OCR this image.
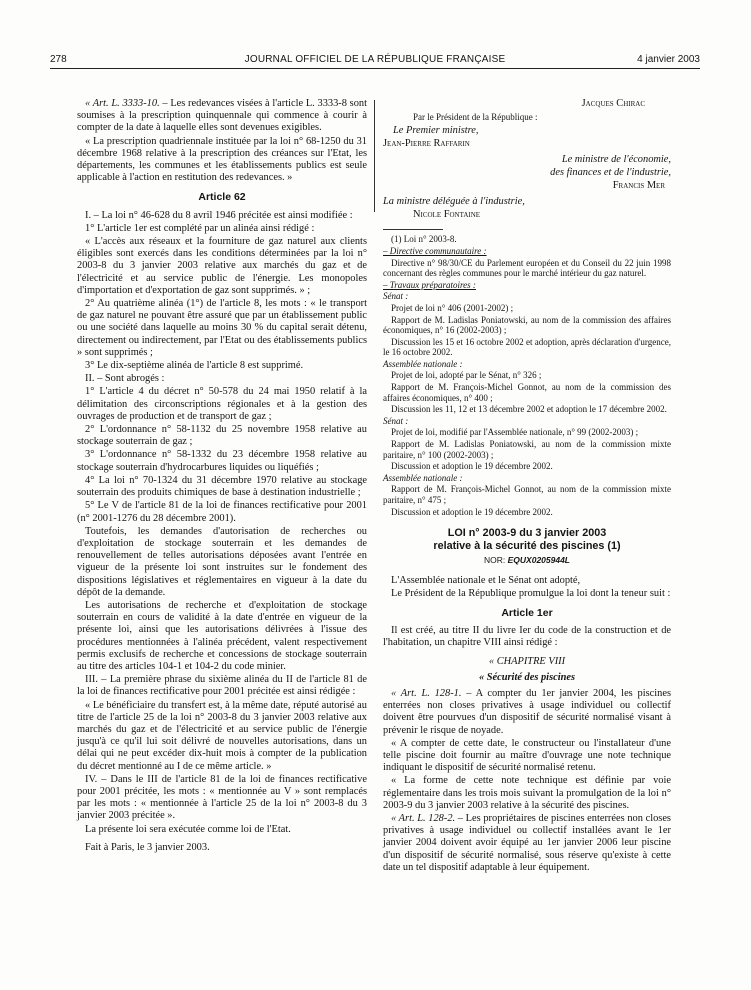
278	JOURNAL OFFICIEL DE LA RÉPUBLIQUE FRANÇAISE	4 janvier 2003

« Art. L. 3333-10. – Les redevances visées à l'article L. 3333-8 sont soumises à la prescription quinquennale qui commence à courir à compter de la date à laquelle elles sont devenues exigibles.

« La prescription quadriennale instituée par la loi n° 68-1250 du 31 décembre 1968 relative à la prescription des créances sur l'Etat, les départements, les communes et les établissements publics est seule applicable à l'action en restitution des redevances. »

Article 62

I. – La loi n° 46-628 du 8 avril 1946 précitée est ainsi modifiée :

1° L'article 1er est complété par un alinéa ainsi rédigé :

« L'accès aux réseaux et la fourniture de gaz naturel aux clients éligibles sont exercés dans les conditions déterminées par la loi n° 2003-8 du 3 janvier 2003 relative aux marchés du gaz et de l'électricité et au service public de l'énergie. Les monopoles d'importation et d'exportation de gaz sont supprimés. » ;

2° Au quatrième alinéa (1°) de l'article 8, les mots : « le transport de gaz naturel ne pouvant être assuré que par un établissement public ou une société dans laquelle au moins 30 % du capital serait détenu, directement ou indirectement, par l'Etat ou des établissements publics » sont supprimés ;

3° Le dix-septième alinéa de l'article 8 est supprimé.

II. – Sont abrogés :

1° L'article 4 du décret n° 50-578 du 24 mai 1950 relatif à la délimitation des circonscriptions régionales et à la gestion des ouvrages de production et de transport de gaz ;

2° L'ordonnance n° 58-1132 du 25 novembre 1958 relative au stockage souterrain de gaz ;

3° L'ordonnance n° 58-1332 du 23 décembre 1958 relative au stockage souterrain d'hydrocarbures liquides ou liquéfiés ;

4° La loi n° 70-1324 du 31 décembre 1970 relative au stockage souterrain des produits chimiques de base à destination industrielle ;

5° Le V de l'article 81 de la loi de finances rectificative pour 2001 (n° 2001-1276 du 28 décembre 2001).

Toutefois, les demandes d'autorisation de recherches ou d'exploitation de stockage souterrain et les demandes de renouvellement de telles autorisations déposées avant l'entrée en vigueur de la présente loi sont instruites sur le fondement des dispositions législatives et réglementaires en vigueur à la date du dépôt de la demande.

Les autorisations de recherche et d'exploitation de stockage souterrain en cours de validité à la date d'entrée en vigueur de la présente loi, ainsi que les autorisations délivrées à l'issue des procédures mentionnées à l'alinéa précédent, valent respectivement permis exclusifs de recherche et concessions de stockage souterrain au titre des articles 104-1 et 104-2 du code minier.

III. – La première phrase du sixième alinéa du II de l'article 81 de la loi de finances rectificative pour 2001 précitée est ainsi rédigée :

« Le bénéficiaire du transfert est, à la même date, réputé autorisé au titre de l'article 25 de la loi n° 2003-8 du 3 janvier 2003 relative aux marchés du gaz et de l'électricité et au service public de l'énergie jusqu'à ce qu'il lui soit délivré de nouvelles autorisations, dans un délai qui ne peut excéder dix-huit mois à compter de la publication du décret mentionné au I de ce même article. »

IV. – Dans le III de l'article 81 de la loi de finances rectificative pour 2001 précitée, les mots : « mentionnée au V » sont remplacés par les mots : « mentionnée à l'article 25 de la loi n° 2003-8 du 3 janvier 2003 précitée ».

La présente loi sera exécutée comme loi de l'Etat.

Fait à Paris, le 3 janvier 2003.

Jacques Chirac
Par le Président de la République :
Le Premier ministre,
Jean-Pierre Raffarin
Le ministre de l'économie,
des finances et de l'industrie,
Francis Mer
La ministre déléguée à l'industrie,
Nicole Fontaine

(1) Loi n° 2003-8.

– Directive communautaire :

Directive n° 98/30/CE du Parlement européen et du Conseil du 22 juin 1998 concernant des règles communes pour le marché intérieur du gaz naturel.

– Travaux préparatoires :

Sénat :

Projet de loi n° 406 (2001-2002) ;

Rapport de M. Ladislas Poniatowski, au nom de la commission des affaires économiques, n° 16 (2002-2003) ;

Discussion les 15 et 16 octobre 2002 et adoption, après déclaration d'urgence, le 16 octobre 2002.

Assemblée nationale :

Projet de loi, adopté par le Sénat, n° 326 ;

Rapport de M. François-Michel Gonnot, au nom de la commission des affaires économiques, n° 400 ;

Discussion les 11, 12 et 13 décembre 2002 et adoption le 17 décembre 2002.

Sénat :

Projet de loi, modifié par l'Assemblée nationale, n° 99 (2002-2003) ;

Rapport de M. Ladislas Poniatowski, au nom de la commission mixte paritaire, n° 100 (2002-2003) ;

Discussion et adoption le 19 décembre 2002.

Assemblée nationale :

Rapport de M. François-Michel Gonnot, au nom de la commission mixte paritaire, n° 475 ;

Discussion et adoption le 19 décembre 2002.

LOI n° 2003-9 du 3 janvier 2003
relative à la sécurité des piscines (1)
NOR: EQUX0205944L

L'Assemblée nationale et le Sénat ont adopté,

Le Président de la République promulgue la loi dont la teneur suit :

Article 1er

Il est créé, au titre II du livre Ier du code de la construction et de l'habitation, un chapitre VIII ainsi rédigé :

« CHAPITRE VIII
« Sécurité des piscines

« Art. L. 128-1. – A compter du 1er janvier 2004, les piscines enterrées non closes privatives à usage individuel ou collectif doivent être pourvues d'un dispositif de sécurité normalisé visant à prévenir le risque de noyade.

« A compter de cette date, le constructeur ou l'installateur d'une telle piscine doit fournir au maître d'ouvrage une note technique indiquant le dispositif de sécurité normalisé retenu.

« La forme de cette note technique est définie par voie réglementaire dans les trois mois suivant la promulgation de la loi n° 2003-9 du 3 janvier 2003 relative à la sécurité des piscines.

« Art. L. 128-2. – Les propriétaires de piscines enterrées non closes privatives à usage individuel ou collectif installées avant le 1er janvier 2004 doivent avoir équipé au 1er janvier 2006 leur piscine d'un dispositif de sécurité normalisé, sous réserve qu'existe à cette date un tel dispositif adaptable à leur équipement.
